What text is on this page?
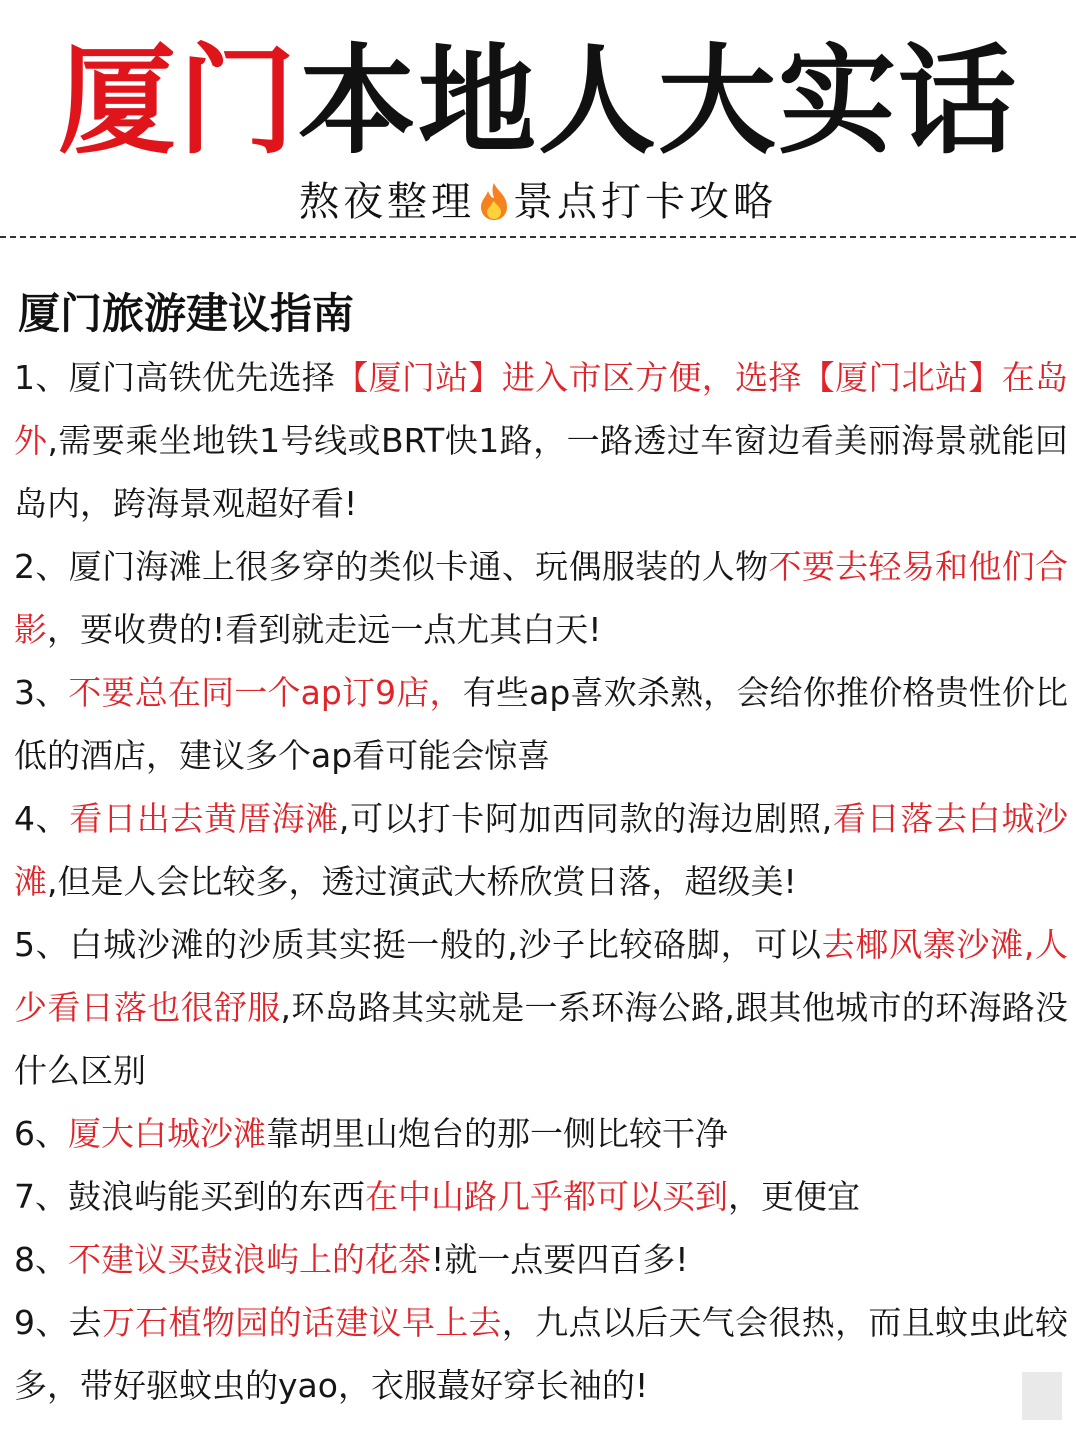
厦门本地人大实话
熬夜整理 景点打卡攻略
厦门旅游建议指南
1、厦门高铁优先选择【厦门站】进入市区方便，选择【厦门北站】在岛外,需要乘坐地铁1号线或BRT快1路，一路透过车窗边看美丽海景就能回岛内，跨海景观超好看!
2、厦门海滩上很多穿的类似卡通、玩偶服装的人物不要去轻易和他们合影，要收费的!看到就走远一点尤其白天!
3、不要总在同一个ap订9店，有些ap喜欢杀熟，会给你推价格贵性价比低的酒店，建议多个ap看可能会惊喜
4、看日出去黄厝海滩,可以打卡阿加西同款的海边剧照,看日落去白城沙滩,但是人会比较多，透过演武大桥欣赏日落，超级美!
5、白城沙滩的沙质其实挺一般的,沙子比较硌脚，可以去椰风寨沙滩,人少看日落也很舒服,环岛路其实就是一系环海公路,跟其他城市的环海路没什么区别
6、厦大白城沙滩靠胡里山炮台的那一侧比较干净
7、鼓浪屿能买到的东西在中山路几乎都可以买到，更便宜
8、不建议买鼓浪屿上的花茶!就一点要四百多!
9、去万石植物园的话建议早上去，九点以后天气会很热，而且蚊虫此较多，带好驱蚊虫的yao，衣服蕞好穿长袖的!
